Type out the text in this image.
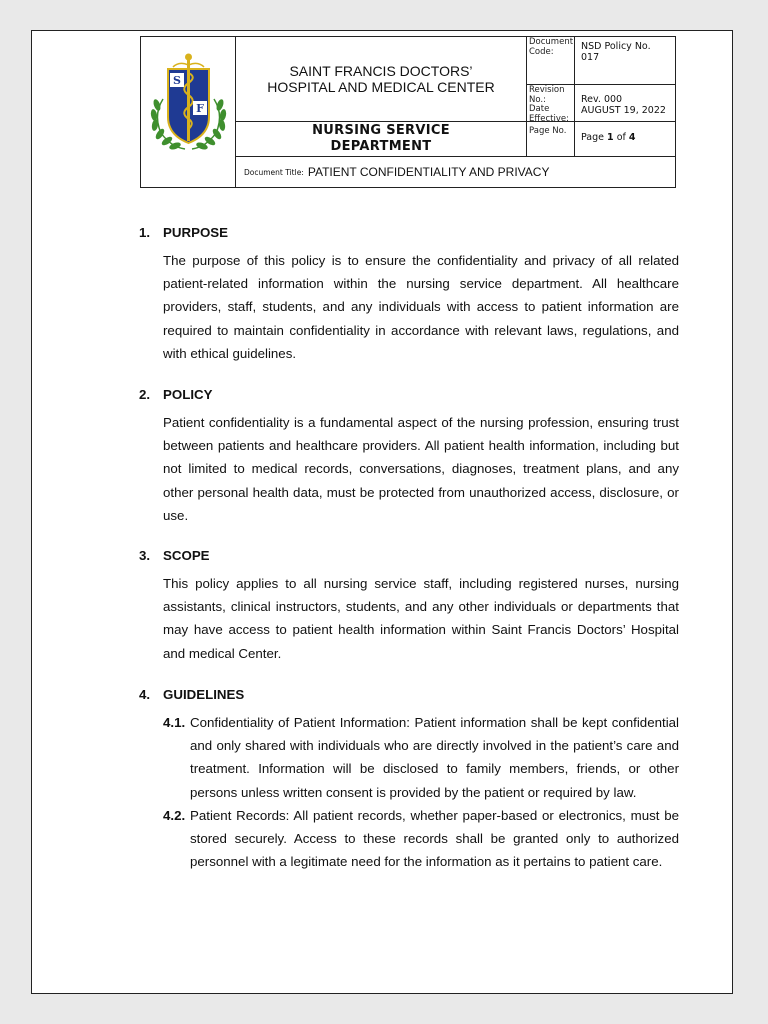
S
F
SAINT FRANCIS DOCTORS’
HOSPITAL AND MEDICAL CENTER
NURSING SERVICE
DEPARTMENT
Document Code:	NSD Policy No. 017
Revision No.:
Date Effective:
Rev. 000
AUGUST 19, 2022
Page No.
Page 1 of 4
Document Title: PATIENT CONFIDENTIALITY AND PRIVACY
1. PURPOSE

The purpose of this policy is to ensure the confidentiality and privacy of all related patient-related information within the nursing service department. All healthcare providers, staff, students, and any individuals with access to patient information are required to maintain confidentiality in accordance with relevant laws, regulations, and with ethical guidelines.

2. POLICY

Patient confidentiality is a fundamental aspect of the nursing profession, ensuring trust between patients and healthcare providers. All patient health information, including but not limited to medical records, conversations, diagnoses, treatment plans, and any other personal health data, must be protected from unauthorized access, disclosure, or use.

3. SCOPE

This policy applies to all nursing service staff, including registered nurses, nursing assistants, clinical instructors, students, and any other individuals or departments that may have access to patient health information within Saint Francis Doctors’ Hospital and medical Center.

4. GUIDELINES
4.1. Confidentiality of Patient Information: Patient information shall be kept confidential and only shared with individuals who are directly involved in the patient’s care and treatment. Information will be disclosed to family members, friends, or other persons unless written consent is provided by the patient or required by law.
4.2. Patient Records: All patient records, whether paper-based or electronics, must be stored securely. Access to these records shall be granted only to authorized personnel with a legitimate need for the information as it pertains to patient care.
